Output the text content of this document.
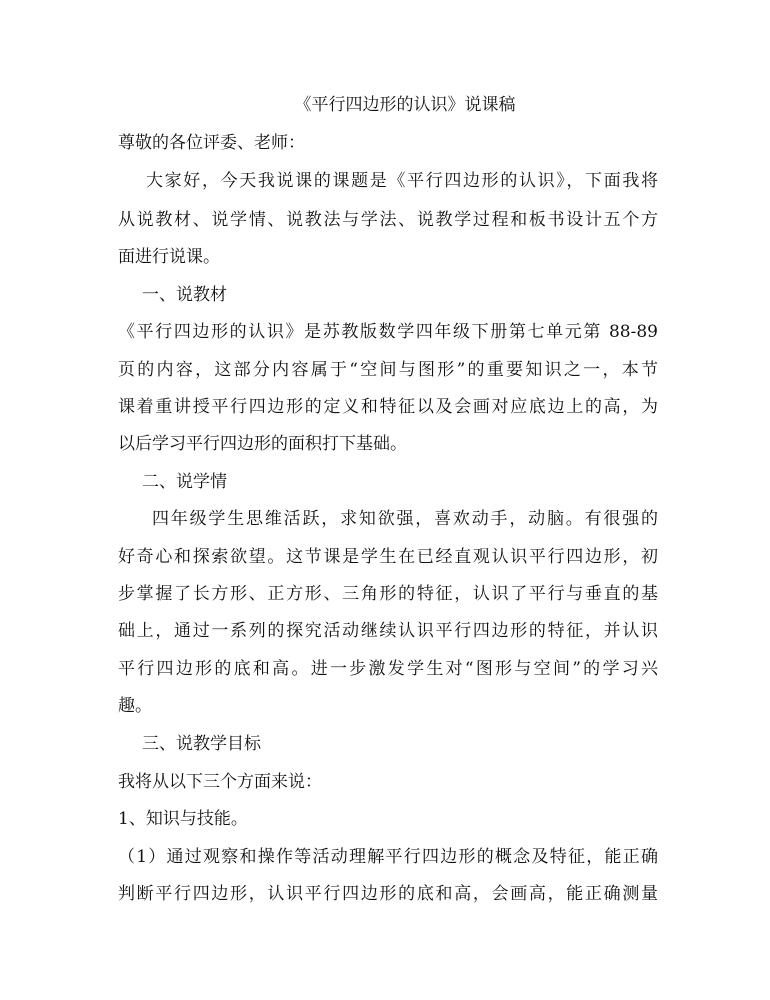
《平行四边形的认识》说课稿
尊敬的各位评委、老师：
大家好，今天我说课的课题是《平行四边形的认识》，下面我将
从说教材、说学情、说教法与学法、说教学过程和板书设计五个方
面进行说课。
一、说教材
《平行四边形的认识》是苏教版数学四年级下册第七单元第 88-89
页的内容，这部分内容属于“空间与图形”的重要知识之一，本节
课着重讲授平行四边形的定义和特征以及会画对应底边上的高，为
以后学习平行四边形的面积打下基础。
二、说学情
四年级学生思维活跃，求知欲强，喜欢动手，动脑。有很强的
好奇心和探索欲望。这节课是学生在已经直观认识平行四边形，初
步掌握了长方形、正方形、三角形的特征，认识了平行与垂直的基
础上，通过一系列的探究活动继续认识平行四边形的特征，并认识
平行四边形的底和高。进一步激发学生对“图形与空间”的学习兴
趣。
三、说教学目标
我将从以下三个方面来说：
1、知识与技能。
（1）通过观察和操作等活动理解平行四边形的概念及特征，能正确
判断平行四边形，认识平行四边形的底和高，会画高，能正确测量
